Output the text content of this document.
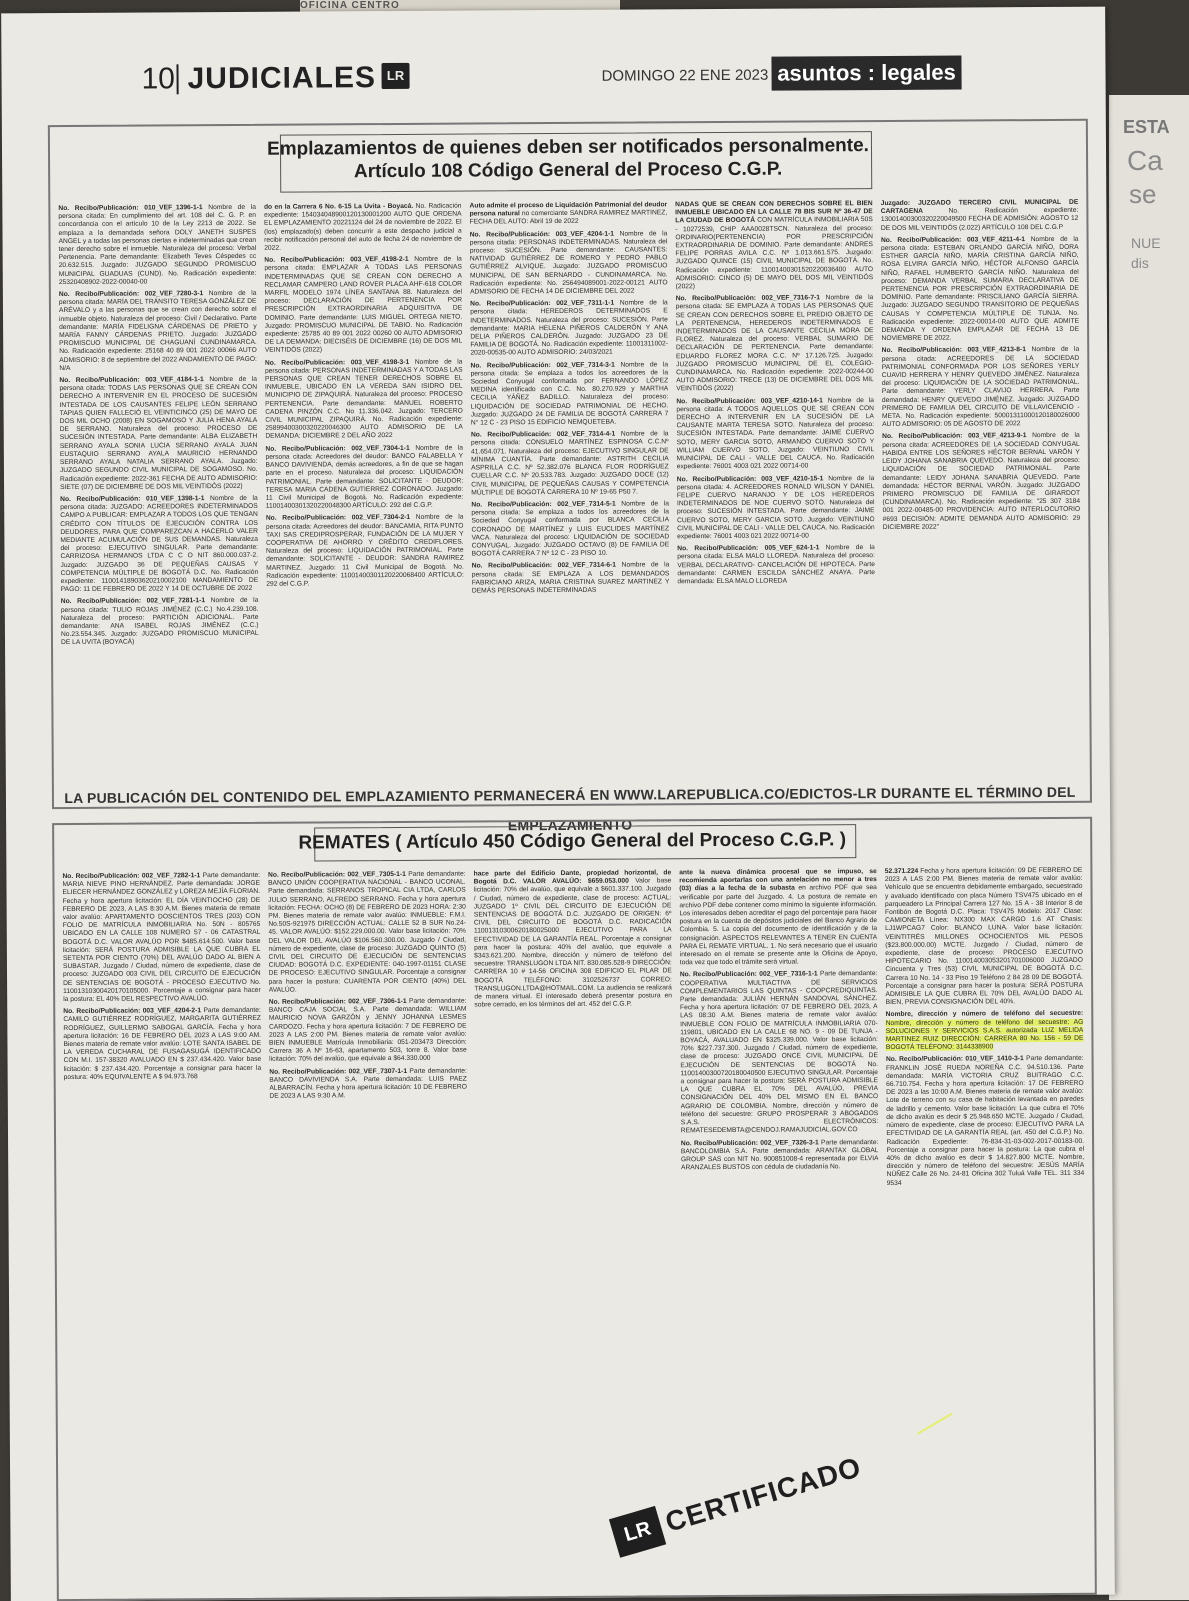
OFICINA CENTRO
ESTA
Ca
se
NUE
dis
10 JUDICIALES LR	DOMINGO 22 ENE 2023 asuntos : legales
Emplazamientos de quienes deben ser notificados personalmente.
Artículo 108 Código General del Proceso C.G.P.

No. Recibo/Publicación: 010_VEF_1396-1-1 Nombre de la persona citada: En cumplimiento del art. 108 del C. G. P. en concordancia con el artículo 10 de la Ley 2213 de 2022. Se emplaza a la demandada señora DOLY JANETH SUSPES ANGEL y a todas las personas ciertas e indeterminadas que crean tener derecho sobre el inmueble. Naturaleza del proceso: Verbal Pertenencia. Parte demandante: Elizabeth Teves Céspedes cc 20.632.515. Juzgado: JUZGADO SEGUNDO PROMISCUO MUNICIPAL GUADUAS (CUND). No. Radicación expediente: 25320408902-2022-00040-00

No. Recibo/Publicación: 002_VEF_7280-3-1 Nombre de la persona citada: MARÍA DEL TRÁNSITO TERESA GONZÁLEZ DE ARÉVALO y a las personas que se crean con derecho sobre el inmueble objeto. Naturaleza del proceso: Civil / Declarativo. Parte demandante: MARÍA FIDELIGNA CÁRDENAS DE PRIETO y MARÍA FANNY CÁRDENAS PRIETO. Juzgado: JUZGADO PROMISCUO MUNICIPAL DE CHAGUANÍ CUNDINAMARCA. No. Radicación expediente: 25168 40 89 001 2022 00066 AUTO ADMISORIO: 8 de septiembre del 2022 ANDAMIENTO DE PAGO: N/A

No. Recibo/Publicación: 003_VEF_4184-1-1 Nombre de la persona citada: TODAS LAS PERSONAS QUE SE CREAN CON DERECHO A INTERVENIR EN EL PROCESO DE SUCESIÓN INTESTADA DE LOS CAUSANTES FELIPE LEÓN SERRANO TAPIAS QUIEN FALLECIÓ EL VEINTICINCO (25) DE MAYO DE DOS MIL OCHO (2008) EN SOGAMOSO Y JULIA HENA AYALA DE SERRANO. Naturaleza del proceso: PROCESO DE SUCESIÓN INTESTADA. Parte demandante: ALBA ELIZABETH SERRANO AYALA SONIA LUCIA SERRANO AYALA JUAN EUSTAQUIO SERRANO AYALA MAURICIO HERNANDO SERRANO AYALA NATALIA SERRANO AYALA. Juzgado: JUZGADO SEGUNDO CIVIL MUNICIPAL DE SOGAMOSO. No. Radicación expediente: 2022-361 FECHA DE AUTO ADMISORIO: SIETE (07) DE DICIEMBRE DE DOS MIL VEINTIDÓS (2022)

No. Recibo/Publicación: 010_VEF_1398-1-1 Nombre de la persona citada: JUZGADO: ACREEDORES INDETERMINADOS CAMPO A PUBLICAR: EMPLAZAR A TODOS LOS QUE TENGAN CRÉDITO CON TÍTULOS DE EJECUCIÓN CONTRA LOS DEUDORES, PARA QUE COMPAREZCAN A HACERLO VALER MEDIANTE ACUMULACIÓN DE SUS DEMANDAS. Naturaleza del proceso: EJECUTIVO SINGULAR. Parte demandante: CARRIZOSA HERMANOS LTDA C C O NIT 860.000.037-2. Juzgado: JUZGADO 36 DE PEQUEÑAS CAUSAS Y COMPETENCIA MÚLTIPLE DE BOGOTÁ D.C. No. Radicación expediente: 11001418903620210002100 MANDAMIENTO DE PAGO: 11 DE FEBRERO DE 2022 Y 14 DE OCTUBRE DE 2022

No. Recibo/Publicación: 002_VEF_7281-1-1 Nombre de la persona citada: TULIO ROJAS JIMÉNEZ (C.C.) No.4.239.108. Naturaleza del proceso: PARTICIÓN ADICIONAL. Parte demandante: ANA ISABEL ROJAS JIMÉNEZ (C.C.) No.23.554.345. Juzgado: JUZGADO PROMISCUO MUNICIPAL DE LA UVITA (BOYACÁ)

do en la Carrera 6 No. 6-15 La Uvita - Boyacá. No. Radicación expediente: 154034048900120130001200 AUTO QUE ORDENA EL EMPLAZAMIENTO 20221124 del 24 de noviembre de 2022. El (los) emplazado(s) deben concurrir a este despacho judicial a recibir notificación personal del auto de fecha 24 de noviembre de 2022.

No. Recibo/Publicación: 003_VEF_4198-2-1 Nombre de la persona citada: EMPLAZAR A TODAS LAS PERSONAS INDETERMINADAS QUE SE CREAN CON DERECHO A RECLAMAR CAMPERO LAND ROVER PLACA AHF-618 COLOR MARFIL MODELO 1974 LÍNEA SANTANA 88. Naturaleza del proceso: DECLARACIÓN DE PERTENENCIA POR PRESCRIPCIÓN EXTRAORDINARIA ADQUISITIVA DE DOMINIO. Parte demandante: LUIS MIGUEL ORTEGA NIETO. Juzgado: PROMISCUO MUNICIPAL DE TABIO. No. Radicación expediente: 25785 40 89 001 2022 00260 00 AUTO ADMISORIO DE LA DEMANDA: DIECISÉIS DE DICIEMBRE (16) DE DOS MIL VEINTIDÓS (2022)

No. Recibo/Publicación: 003_VEF_4198-3-1 Nombre de la persona citada: PERSONAS INDETERMINADAS Y A TODAS LAS PERSONAS QUE CREAN TENER DERECHOS SOBRE EL INMUEBLE, UBICADO EN LA VEREDA SAN ISIDRO DEL MUNICIPIO DE ZIPAQUIRÁ. Naturaleza del proceso: PROCESO PERTENENCIA. Parte demandante: MANUEL ROBERTO CADENA PINZÓN C.C. No 11.336.042. Juzgado: TERCERO CIVIL MUNICIPAL ZIPAQUIRÁ. No. Radicación expediente: 25899400300320220046300 AUTO ADMISORIO DE LA DEMANDA: DICIEMBRE 2 DEL AÑO 2022

No. Recibo/Publicación: 002_VEF_7304-1-1 Nombre de la persona citada: Acreedores del deudor: BANCO FALABELLA Y BANCO DAVIVIENDA, demás acreedores, a fin de que se hagan parte en el proceso. Naturaleza del proceso: LIQUIDACIÓN PATRIMONIAL. Parte demandante: SOLICITANTE - DEUDOR: TERESA MARIA CADENA GUTIERREZ CORONADO. Juzgado: 11 Civil Municipal de Bogotá. No. Radicación expediente: 11001400301320220048300 ARTÍCULO: 292 del C.G.P.

No. Recibo/Publicación: 002_VEF_7304-2-1 Nombre de la persona citada: Acreedores del deudor: BANCAMIA, RITA PUNTO TAXI SAS CREDIPROSPERAR, FUNDACIÓN DE LA MUJER Y COOPERATIVA DE AHORRO Y CRÉDITO CREDIFLORES. Naturaleza del proceso: LIQUIDACIÓN PATRIMONIAL. Parte demandante: SOLICITANTE - DEUDOR: SANDRA RAMIREZ MARTINEZ. Juzgado: 11 Civil Municipal de Bogotá. No. Radicación expediente: 11001400301120220068400 ARTÍCULO: 292 del C.G.P.

Auto admite el proceso de Liquidación Patrimonial del deudor persona natural no comerciante SANDRA RAMIREZ MARTINEZ, FECHA DEL AUTO: Abril 19 de 2022

No. Recibo/Publicación: 003_VEF_4204-1-1 Nombre de la persona citada: PERSONAS INDETERMINADAS. Naturaleza del proceso: SUCESIÓN. Parte demandante: CAUSANTES: NATIVIDAD GUTIÉRREZ DE ROMERO Y PEDRO PABLO GUTIÉRREZ ALVIQUE. Juzgado: JUZGADO PROMISCUO MUNICIPAL DE SAN BERNARDO - CUNDINAMARCA. No. Radicación expediente: No. 256494089001-2022-00121 AUTO ADMISORIO DE FECHA 14 DE DICIEMBRE DEL 2022

No. Recibo/Publicación: 002_VEF_7311-1-1 Nombre de la persona citada: HEREDEROS DETERMINADOS E INDETERMINADOS. Naturaleza del proceso: SUCESIÓN. Parte demandante: MARIA HELENA PIÑEROS CALDERÓN Y ANA DELIA PIÑEROS CALDERÓN. Juzgado: JUZGADO 23 DE FAMILIA DE BOGOTÁ. No. Radicación expediente: 11001311002-2020-00535-00 AUTO ADMISORIO: 24/03/2021

No. Recibo/Publicación: 002_VEF_7314-3-1 Nombre de la persona citada: Se emplaza a todos los acreedores de la Sociedad Conyugal conformada por FERNANDO LÓPEZ MEDINA identificado con C.C. No. 80.270.929 y MARTHA CECILIA YÁÑEZ BADILLO. Naturaleza del proceso: LIQUIDACIÓN DE SOCIEDAD PATRIMONIAL DE HECHO. Juzgado: JUZGADO 24 DE FAMILIA DE BOGOTÁ CARRERA 7 N° 12 C - 23 PISO 15 EDIFICIO NEMQUETEBA.

No. Recibo/Publicación: 002_VEF_7314-4-1 Nombre de la persona citada: CONSUELO MARTÍNEZ ESPINOSA C.C.Nº 41.654.071. Naturaleza del proceso: EJECUTIVO SINGULAR DE MÍNIMA CUANTÍA. Parte demandante: ASTRITH CECILIA ASPRILLA C.C. Nº 52.382.076 BLANCA FLOR RODRÍGUEZ CUELLAR C.C. Nº 20.533.783. Juzgado: JUZGADO DOCE (12) CIVIL MUNICIPAL DE PEQUEÑAS CAUSAS Y COMPETENCIA MÚLTIPLE DE BOGOTÁ CARRERA 10 Nº 19-65 P50 7.

No. Recibo/Publicación: 002_VEF_7314-5-1 Nombre de la persona citada: Se emplaza a todos los acreedores de la Sociedad Conyugal conformada por BLANCA CECILIA CORONADO DE MARTÍNEZ y LUIS EUCLIDES MARTÍNEZ VACA. Naturaleza del proceso: LIQUIDACIÓN DE SOCIEDAD CONYUGAL. Juzgado: JUZGADO OCTAVO (8) DE FAMILIA DE BOGOTÁ CARRERA 7 Nº 12 C - 23 PISO 10.

No. Recibo/Publicación: 002_VEF_7314-6-1 Nombre de la persona citada: SE EMPLAZA A LOS DEMANDADOS FABRICIANO ARIZA, MARIA CRISTINA SUAREZ MARTINEZ Y DEMÁS PERSONAS INDETERMINADAS

NADAS QUE SE CREAN CON DERECHOS SOBRE EL BIEN INMUEBLE UBICADO EN LA CALLE 78 BIS SUR Nº 36-47 DE LA CIUDAD DE BOGOTÁ CON MATRÍCULA INMOBILIARIA 50S - 10272539, CHIP AAA0028TSCN. Naturaleza del proceso: ORDINARIO(PERTENENCIA) POR PRESCRIPCIÓN EXTRAORDINARIA DE DOMINIO. Parte demandante: ANDRES FELIPE PORRAS AVILA C.C. Nº 1.013.661.575. Juzgado: JUZGADO QUINCE (15) CIVIL MUNICIPAL DE BOGOTÁ. No. Radicación expediente: 11001400301520220036400 AUTO ADMISORIO: CINCO (5) DE MAYO DEL DOS MIL VEINTIDÓS (2022)

No. Recibo/Publicación: 002_VEF_7316-7-1 Nombre de la persona citada: SE EMPLAZA A TODAS LAS PERSONAS QUE SE CREAN CON DERECHOS SOBRE EL PREDIO OBJETO DE LA PERTENENCIA, HEREDEROS INDETERMINADOS E INDETERMINADOS DE LA CAUSANTE CECILIA MORA DE FLOREZ. Naturaleza del proceso: VERBAL SUMARIO DE DECLARACIÓN DE PERTENENCIA. Parte demandante: EDUARDO FLOREZ MORA C.C. Nº 17.126.725. Juzgado: JUZGADO PROMISCUO MUNICIPAL DE EL COLEGIO-CUNDINAMARCA. No. Radicación expediente: 2022-00244-00 AUTO ADMISORIO: TRECE (13) DE DICIEMBRE DEL DOS MIL VEINTIDÓS (2022)

No. Recibo/Publicación: 003_VEF_4210-14-1 Nombre de la persona citada: A TODOS AQUELLOS QUE SE CREAN CON DERECHO A INTERVENIR EN LA SUCESIÓN DE LA CAUSANTE MARTA TERESA SOTO. Naturaleza del proceso: SUCESIÓN INTESTADA. Parte demandante: JAIME CUERVO SOTO, MERY GARCIA SOTO, ARMANDO CUERVO SOTO Y WILLIAM CUERVO SOTO. Juzgado: VEINTIUNO CIVIL MUNICIPAL DE CALI - VALLE DEL CAUCA. No. Radicación expediente: 76001 4003 021 2022 00714-00

No. Recibo/Publicación: 003_VEF_4210-15-1 Nombre de la persona citada: 4. ACREEDORES RONALD WILSON Y DANIEL FELIPE CUERVO NARANJO Y DE LOS HEREDEROS INDETERMINADOS DE NOE CUERVO SOTO. Naturaleza del proceso: SUCESIÓN INTESTADA. Parte demandante: JAIME CUERVO SOTO, MERY GARCIA SOTO. Juzgado: VEINTIUNO CIVIL MUNICIPAL DE CALI - VALLE DEL CAUCA. No. Radicación expediente: 76001 4003 021 2022 00714-00

No. Recibo/Publicación: 005_VEF_624-1-1 Nombre de la persona citada: ELSA MALO LLOREDA. Naturaleza del proceso: VERBAL DECLARATIVO- CANCELACIÓN DE HIPOTECA. Parte demandante: CARMEN ESCILDA SÁNCHEZ ANAYA. Parte demandada: ELSA MALO LLOREDA

Juzgado: JUZGADO TERCERO CIVIL MUNICIPAL DE CARTAGENA No. Radicación expediente: 13001400300320220049500 FECHA DE ADMISIÓN: AGOSTO 12 DE DOS MIL VEINTIDÓS (2.022) ARTÍCULO 108 DEL C.G.P

No. Recibo/Publicación: 003_VEF_4211-4-1 Nombre de la persona citada: ESTEBAN ORLANDO GARCÍA NIÑO, DORA ESTHER GARCÍA NIÑO, MARÍA CRISTINA GARCÍA NIÑO, ROSA ELVIRA GARCÍA NIÑO, HÉCTOR ALFONSO GARCÍA NIÑO, RAFAEL HUMBERTO GARCÍA NIÑO. Naturaleza del proceso: DEMANDA VERBAL SUMARIA DECLARATIVA DE PERTENENCIA POR PRESCRIPCIÓN EXTRAORDINARIA DE DOMINIO. Parte demandante: PRISCILIANO GARCÍA SIERRA. Juzgado: JUZGADO SEGUNDO TRANSITORIO DE PEQUEÑAS CAUSAS Y COMPETENCIA MÚLTIPLE DE TUNJA. No. Radicación expediente: 2022-00014-00 AUTO QUE ADMITE DEMANDA Y ORDENA EMPLAZAR DE FECHA 13 DE NOVIEMBRE DE 2022.

No. Recibo/Publicación: 003_VEF_4213-8-1 Nombre de la persona citada: ACREEDORES DE LA SOCIEDAD PATRIMONIAL CONFORMADA POR LOS SEÑORES YERLY CUAVID HERRERA Y HENRY QUEVEDO JIMÉNEZ. Naturaleza del proceso: LIQUIDACIÓN DE LA SOCIEDAD PATRIMONIAL. Parte demandante: YERLY CLAVIJO HERRERA. Parte demandada: HENRY QUEVEDO JIMÉNEZ. Juzgado: JUZGADO PRIMERO DE FAMILIA DEL CIRCUITO DE VILLAVICENCIO - META. No. Radicación expediente: 50001311000120180026000 AUTO ADMISORIO: 05 DE AGOSTO DE 2022

No. Recibo/Publicación: 003_VEF_4213-9-1 Nombre de la persona citada: ACREEDORES DE LA SOCIEDAD CONYUGAL HABIDA ENTRE LOS SEÑORES HÉCTOR BERNAL VARÓN Y LEIDY JOHANA SANABRIA QUEVEDO. Naturaleza del proceso: LIQUIDACIÓN DE SOCIEDAD PATRIMONIAL. Parte demandante: LEIDY JOHANA SANABRIA QUEVEDO. Parte demandada: HÉCTOR BERNAL VARÓN. Juzgado: JUZGADO PRIMERO PROMISCUO DE FAMILIA DE GIRARDOT (CUNDINAMARCA). No. Radicación expediente: "25 307 3184 001 2022-00485-00 PROVIDENCIA: AUTO INTERLOCUTORIO #693 DECISIÓN: ADMITE DEMANDA AUTO ADMISORIO: 29 DICIEMBRE 2022"

LA PUBLICACIÓN DEL CONTENIDO DEL EMPLAZAMIENTO PERMANECERÁ EN WWW.LAREPUBLICA.CO/EDICTOS-LR DURANTE EL TÉRMINO DEL EMPLAZAMIENTO
REMATES ( Artículo 450 Código General del Proceso C.G.P. )

No. Recibo/Publicación: 002_VEF_7282-1-1 Parte demandante: MARIA NIEVE PINO HERNÁNDEZ. Parte demandada: JORGE ELIECER HERNÁNDEZ GONZÁLEZ y LOREZA MEJÍA FLORIAN. Fecha y hora apertura licitación: EL DÍA VEINTIOCHO (28) DE FEBRERO DE 2023, A LAS 8:30 A.M. Bienes materia de remate valor avalúo: APARTAMENTO DOSCIENTOS TRES (203) CON FOLIO DE MATRÍCULA INMOBILIARIA No. 50N - 805765 UBICADO EN LA CALLE 108 NUMERO 57 - 06 CATASTRAL BOGOTÁ D.C. VALOR AVALÚO POR $485.614.500. Valor base licitación: SERÁ POSTURA ADMISIBLE LA QUE CUBRA EL SETENTA POR CIENTO (70%) DEL AVALÚO DADO AL BIEN A SUBASTAR. Juzgado / Ciudad, número de expediente, clase de proceso: JUZGADO 003 CIVIL DEL CIRCUITO DE EJECUCIÓN DE SENTENCIAS DE BOGOTÁ - PROCESO EJECUTIVO No. 11001310300420170105000. Porcentaje a consignar para hacer la postura: EL 40% DEL RESPECTIVO AVALÚO.

No. Recibo/Publicación: 003_VEF_4204-2-1 Parte demandante: CAMILO GUTIÉRREZ RODRÍGUEZ, MARGARITA GUTIÉRREZ RODRÍGUEZ, GUILLERMO SABOGAL GARCÍA. Fecha y hora apertura licitación: 16 DE FEBRERO DEL 2023 A LAS 9:00 AM. Bienes materia de remate valor avalúo: LOTE SANTA ISABEL DE LA VEREDA CUCHARAL DE FUSAGASUGÁ IDENTIFICADO CON M.I. 157-38320 AVALUADO EN $ 237.434.420. Valor base licitación: $ 237.434.420. Porcentaje a consignar para hacer la postura: 40% EQUIVALENTE A $ 94.973.768

No. Recibo/Publicación: 002_VEF_7305-1-1 Parte demandante: BANCO UNIÓN COOPERATIVA NACIONAL - BANCO UCONAL. Parte demandada: SERRANOS TROPICAL CIA LTDA, CARLOS JULIO SERRANO, ALFREDO SERRANO. Fecha y hora apertura licitación: FECHA: OCHO (8) DE FEBRERO DE 2023 HORA: 2:30 PM. Bienes materia de remate valor avalúo: INMUEBLE: F.M.I. No.50S-921975 DIRECCIÓN ACTUAL: CALLE 52 B SUR No.24-45. VALOR AVALÚO: $152.229.000.00. Valor base licitación: 70% DEL VALOR DEL AVALÚO $106.560.300.00. Juzgado / Ciudad, número de expediente, clase de proceso: JUZGADO QUINTO (5) CIVIL DEL CIRCUITO DE EJECUCIÓN DE SENTENCIAS CIUDAD: BOGOTÁ D.C. EXPEDIENTE: 040-1997-01151 CLASE DE PROCESO: EJECUTIVO SINGULAR. Porcentaje a consignar para hacer la postura: CUARENTA POR CIENTO (40%) DEL AVALÚO.

No. Recibo/Publicación: 002_VEF_7306-1-1 Parte demandante: BANCO CAJA SOCIAL S.A. Parte demandada: WILLIAM MAURICIO NOVA GARZÓN y JENNY JOHANNA LESMES CARDOZO. Fecha y hora apertura licitación: 7 DE FEBRERO DE 2023 A LAS 2:00 PM. Bienes materia de remate valor avalúo: BIEN INMUEBLE Matrícula Inmobiliaria: 051-203473 Dirección: Carrera 36 A Nº 16-63, apartamento 503, torre 8. Valor base licitación: 70% del avalúo, que equivale a $64.330.000

No. Recibo/Publicación: 002_VEF_7307-1-1 Parte demandante: BANCO DAVIVIENDA S.A. Parte demandada: LUIS PAEZ ALBARRACÍN. Fecha y hora apertura licitación: 10 DE FEBRERO DE 2023 A LAS 9:30 A.M.

hace parte del Edificio Dante, propiedad horizontal, de Bogotá D.C. VALOR AVALÚO: $659.053.000 Valor base licitación: 70% del avalúo, que equivale a $601.337.100. Juzgado / Ciudad, número de expediente, clase de proceso: ACTUAL: JUZGADO 1º CIVIL DEL CIRCUITO DE EJECUCIÓN DE SENTENCIAS DE BOGOTÁ D.C. JUZGADO DE ORIGEN: 6º CIVIL DEL CIRCUITO DE BOGOTÁ D.C. RADICACIÓN 11001310300620180025000 EJECUTIVO PARA LA EFECTIVIDAD DE LA GARANTÍA REAL. Porcentaje a consignar para hacer la postura: 40% del avalúo, que equivale a $343.621.200. Nombre, dirección y número de teléfono del secuestre: TRANSLUGON LTDA NIT. 830.085.528-9 DIRECCIÓN: CARRERA 10 # 14-56 OFICINA 308 EDIFICIO EL PILAR DE BOGOTÁ TELÉFONO: 3102526737 CORREO: TRANSLUGON.LTDA@HOTMAIL.COM. La audiencia se realizará de manera virtual. El interesado deberá presentar postura en sobre cerrado, en los términos del art. 452 del C.G.P.

ante la nueva dinámica procesal que se impuso, se recomienda aportarlas con una antelación no menor a tres (03) días a la fecha de la subasta en archivo PDF que sea verificable por parte del Juzgado. 4. La postura de remate en archivo PDF debe contener como mínimo la siguiente información. Los interesados deben acreditar el pago del porcentaje para hacer postura en la cuenta de depósitos judiciales del Banco Agrario de Colombia. 5. La copia del documento de identificación y de la consignación. ASPECTOS RELEVANTES A TENER EN CUENTA PARA EL REMATE VIRTUAL. 1. No será necesario que el usuario interesado en el remate se presente ante la Oficina de Apoyo, toda vez que todo el trámite será virtual.

No. Recibo/Publicación: 002_VEF_7316-1-1 Parte demandante: COOPERATIVA MULTIACTIVA DE SERVICIOS COMPLEMENTARIOS LAS QUINTAS - COOPCREDIQUINTAS. Parte demandada: JULIÁN HERNÁN SANDOVAL SÁNCHEZ. Fecha y hora apertura licitación: 07 DE FEBRERO DEL 2023, A LAS 08:30 A.M. Bienes materia de remate valor avalúo: INMUEBLE CON FOLIO DE MATRÍCULA INMOBILIARIA 070-119801, UBICADO EN LA CALLE 68 NO. 9 - 09 DE TUNJA - BOYACÁ, AVALUADO EN $325.339.000. Valor base licitación: 70% $227.737.300. Juzgado / Ciudad, número de expediente, clase de proceso: JUZGADO ONCE CIVIL MUNICIPAL DE EJECUCIÓN DE SENTENCIAS DE BOGOTÁ No. 11001400300720180040500 EJECUTIVO SINGULAR. Porcentaje a consignar para hacer la postura: SERÁ POSTURA ADMISIBLE LA QUE CUBRA EL 70% DEL AVALÚO, PREVIA CONSIGNACIÓN DEL 40% DEL MISMO EN EL BANCO AGRARIO DE COLOMBIA. Nombre, dirección y número de teléfono del secuestre: GRUPO PROSPERAR 3 ABOGADOS S.A.S. ELECTRÓNICOS: REMATESEDEMBTA@CENDOJ.RAMAJUDICIAL.GOV.CO

No. Recibo/Publicación: 002_VEF_7326-3-1 Parte demandante: BANCOLOMBIA S.A. Parte demandada: ARANTAX GLOBAL GROUP SAS con NIT No. 900851008-4 representada por ELVIA ARANZALES BUSTOS con cédula de ciudadanía No.

52.371.224 Fecha y hora apertura licitación: 09 DE FEBRERO DE 2023 A LAS 2:00 PM. Bienes materia de remate valor avalúo: Vehículo que se encuentra debidamente embargado, secuestrado y avaluado identificado con placa Número TSV475 ubicado en el parqueadero La Principal Carrera 127 No. 15 A - 38 Interior 8 de Fontibón de Bogotá D.C. Placa: TSV475 Modelo: 2017 Clase: CAMIONETA Línea: NX300 MAX CARGO 1.6 AT Chasis: LJ1WPCAG7 Color: BLANCO LUNA. Valor base licitación: VEINTITRÉS MILLONES OCHOCIENTOS MIL PESOS ($23.800.000.00) M/CTE. Juzgado / Ciudad, número de expediente, clase de proceso: PROCESO EJECUTIVO HIPOTECARIO No. 110014003053201701006000 JUZGADO Cincuenta y Tres (53) CIVIL MUNICIPAL DE BOGOTÁ D.C. Carrera 10 No. 14 - 33 Piso 19 Teléfono 2 84 28 09 DE BOGOTÁ. Porcentaje a consignar para hacer la postura: SERÁ POSTURA ADMISIBLE LA QUE CUBRA EL 70% DEL AVALÚO DADO AL BIEN, PREVIA CONSIGNACIÓN DEL 40%.

Nombre, dirección y número de teléfono del secuestre: Nombre, dirección y número de teléfono del secuestre: AG SOLUCIONES Y SERVICIOS S.A.S. autorizada LUZ MELIDA MARTINEZ RUIZ DIRECCIÓN: CARRERA 80 No. 156 - 59 DE BOGOTÁ TELÉFONO: 3144338900

No. Recibo/Publicación: 010_VEF_1410-3-1 Parte demandante: FRANKLIN JOSÉ RUEDA NOREÑA C.C. 94.510.136. Parte demandada: MARÍA VICTORIA CRUZ BUITRAGO C.C. 66.710.754. Fecha y hora apertura licitación: 17 DE FEBRERO DE 2023 a las 10:00 A.M. Bienes materia de remate valor avalúo: Lote de terreno con su casa de habitación levantada en paredes de ladrillo y cemento. Valor base licitación: La que cubra el 70% de dicho avalúo es decir $ 25.948.650 MCTE. Juzgado / Ciudad, número de expediente, clase de proceso: EJECUTIVO PARA LA EFECTIVIDAD DE LA GARANTÍA REAL (art. 450 del C.G.P.) No. Radicación Expediente: 76-834-31-03-002-2017-00183-00. Porcentaje a consignar para hacer la postura: La que cubra el 40% de dicho avalúo es decir $ 14.827.800 MCTE. Nombre, dirección y número de teléfono del secuestre: JESÚS MARÍA NÚÑEZ Calle 26 No. 24-81 Oficina 302 Tuluá Valle TEL. 311 334 9534

LR CERTIFICADO
